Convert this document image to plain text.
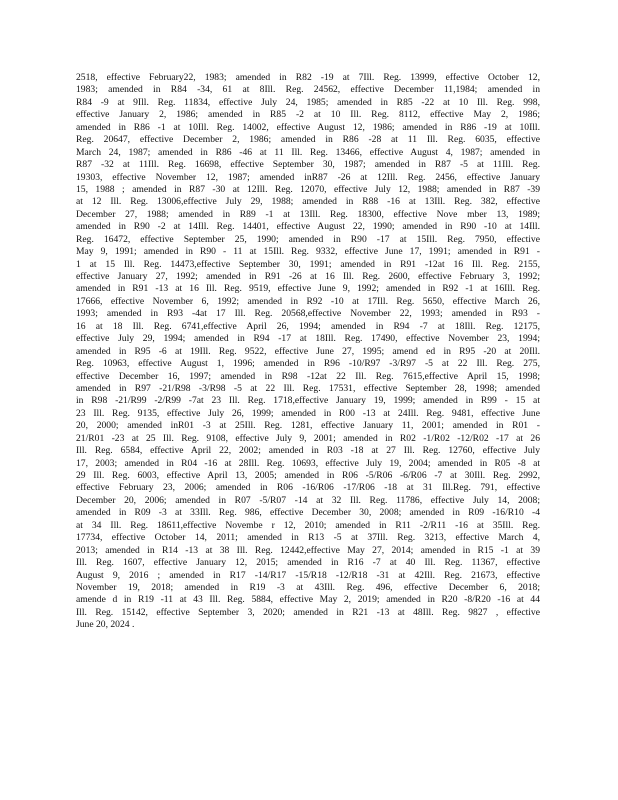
2518, effective February22, 1983; amended in R82 -19 at 7Ill. Reg. 13999, effective October 12,
1983; amended in R84 -34, 61 at 8Ill. Reg. 24562, effective December 11,1984; amended in
R84 -9 at 9Ill. Reg. 11834, effective July 24, 1985; amended in R85 -22 at 10 Ill. Reg. 998,
effective January 2, 1986; amended in R85 -2 at 10 Ill. Reg. 8112, effective May 2, 1986;
amended in R86 -1 at 10Ill. Reg. 14002, effective August 12, 1986; amended in R86 -19 at 10Ill.
Reg. 20647, effective December 2, 1986; amended in R86 -28 at 11 Ill. Reg. 6035, effective
March 24, 1987; amended in R86 -46 at 11 Ill. Reg. 13466, effective August 4, 1987; amended in
R87 -32 at 11Ill. Reg. 16698, effective September 30, 1987; amended in R87 -5 at 11Ill. Reg.
19303, effective November 12, 1987; amended inR87 -26 at 12Ill. Reg. 2456, effective January
15, 1988 ; amended in R87 -30 at 12Ill. Reg. 12070, effective July 12, 1988; amended in R87 -39
at 12 Ill. Reg. 13006,effective July 29, 1988; amended in R88 -16 at 13Ill. Reg. 382, effective
December 27, 1988; amended in R89 -1 at 13Ill. Reg. 18300, effective Nove mber 13, 1989;
amended in R90 -2 at 14Ill. Reg. 14401, effective August 22, 1990; amended in R90 -10 at 14Ill.
Reg. 16472, effective September 25, 1990; amended in R90 -17 at 15Ill. Reg. 7950, effective
May 9, 1991; amended in R90 - 11 at 15Ill. Reg. 9332, effective June 17, 1991; amended in R91 -
1 at 15 Ill. Reg. 14473,effective September 30, 1991; amended in R91 -12at 16 Ill. Reg. 2155,
effective January 27, 1992; amended in R91 -26 at 16 Ill. Reg. 2600, effective February 3, 1992;
amended in R91 -13 at 16 Ill. Reg. 9519, effective June 9, 1992; amended in R92 -1 at 16Ill. Reg.
17666, effective November 6, 1992; amended in R92 -10 at 17Ill. Reg. 5650, effective March 26,
1993; amended in R93 -4at 17 Ill. Reg. 20568,effective November 22, 1993; amended in R93 -
16 at 18 Ill. Reg. 6741,effective April 26, 1994; amended in R94 -7 at 18Ill. Reg. 12175,
effective July 29, 1994; amended in R94 -17 at 18Ill. Reg. 17490, effective November 23, 1994;
amended in R95 -6 at 19Ill. Reg. 9522, effective June 27, 1995; amend ed in R95 -20 at 20Ill.
Reg. 10963, effective August 1, 1996; amended in R96 -10/R97 -3/R97 -5 at 22 Ill. Reg. 275,
effective December 16, 1997; amended in R98 -12at 22 Ill. Reg. 7615,effective April 15, 1998;
amended in R97 -21/R98 -3/R98 -5 at 22 Ill. Reg. 17531, effective September 28, 1998; amended
in R98 -21/R99 -2/R99 -7at 23 Ill. Reg. 1718,effective January 19, 1999; amended in R99 - 15 at
23 Ill. Reg. 9135, effective July 26, 1999; amended in R00 -13 at 24Ill. Reg. 9481, effective June
20, 2000; amended inR01 -3 at 25Ill. Reg. 1281, effective January 11, 2001; amended in R01 -
21/R01 -23 at 25 Ill. Reg. 9108, effective July 9, 2001; amended in R02 -1/R02 -12/R02 -17 at 26
Ill. Reg. 6584, effective April 22, 2002; amended in R03 -18 at 27 Ill. Reg. 12760, effective July
17, 2003; amended in R04 -16 at 28Ill. Reg. 10693, effective July 19, 2004; amended in R05 -8 at
29 Ill. Reg. 6003, effective April 13, 2005; amended in R06 -5/R06 -6/R06 -7 at 30Ill. Reg. 2992,
effective February 23, 2006; amended in R06 -16/R06 -17/R06 -18 at 31 Ill.Reg. 791, effective
December 20, 2006; amended in R07 -5/R07 -14 at 32 Ill. Reg. 11786, effective July 14, 2008;
amended in R09 -3 at 33Ill. Reg. 986, effective December 30, 2008; amended in R09 -16/R10 -4
at 34 Ill. Reg. 18611,effective Novembe r 12, 2010; amended in R11 -2/R11 -16 at 35Ill. Reg.
17734, effective October 14, 2011; amended in R13 -5 at 37Ill. Reg. 3213, effective March 4,
2013; amended in R14 -13 at 38 Ill. Reg. 12442,effective May 27, 2014; amended in R15 -1 at 39
Ill. Reg. 1607, effective January 12, 2015; amended in R16 -7 at 40 Ill. Reg. 11367, effective
August 9, 2016 ; amended in R17 -14/R17 -15/R18 -12/R18 -31 at 42Ill. Reg. 21673, effective
November 19, 2018; amended in R19 -3 at 43Ill. Reg. 496, effective December 6, 2018;
amende d in R19 -11 at 43 Ill. Reg. 5884, effective May 2, 2019; amended in R20 -8/R20 -16 at 44
Ill. Reg. 15142, effective September 3, 2020; amended in R21 -13 at 48Ill. Reg. 9827 , effective
June 20, 2024 .
